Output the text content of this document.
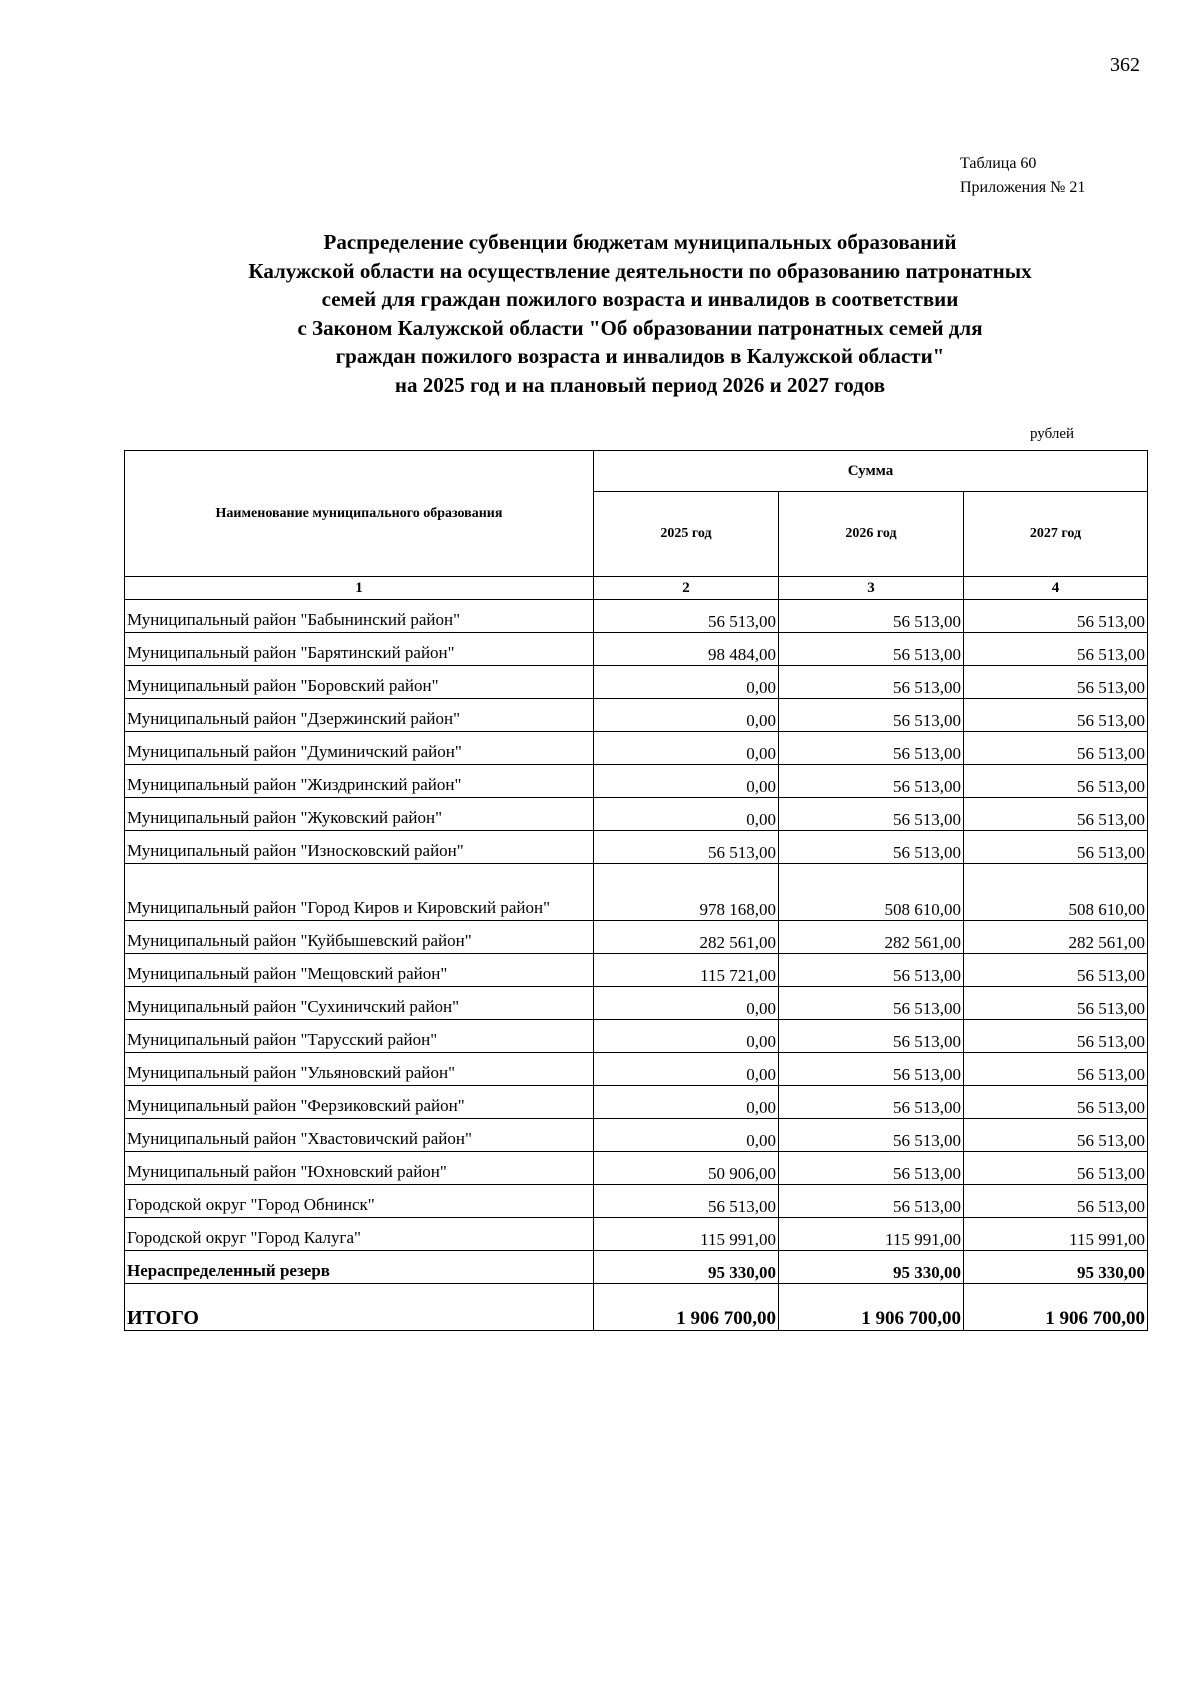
362
Таблица 60
Приложения № 21
Распределение субвенции бюджетам муниципальных образований
Калужской области на осуществление деятельности по образованию патронатных
семей для граждан пожилого возраста и инвалидов в соответствии
с Законом Калужской области "Об образовании патронатных семей для
граждан пожилого возраста и инвалидов в Калужской области"
на 2025 год и на плановый период 2026 и 2027 годов
рублей
Наименование муниципального образования	Сумма		
	2025 год	2026 год	2027 год
1	2	3	4
Муниципальный район "Бабынинский район"	56 513,00	56 513,00	56 513,00
Муниципальный район "Барятинский район"	98 484,00	56 513,00	56 513,00
Муниципальный район "Боровский район"	0,00	56 513,00	56 513,00
Муниципальный район "Дзержинский район"	0,00	56 513,00	56 513,00
Муниципальный район "Думиничский район"	0,00	56 513,00	56 513,00
Муниципальный район "Жиздринский район"	0,00	56 513,00	56 513,00
Муниципальный район "Жуковский район"	0,00	56 513,00	56 513,00
Муниципальный район "Износковский район"	56 513,00	56 513,00	56 513,00
Муниципальный район "Город Киров и Кировский район"	978 168,00	508 610,00	508 610,00
Муниципальный район "Куйбышевский район"	282 561,00	282 561,00	282 561,00
Муниципальный район "Мещовский район"	115 721,00	56 513,00	56 513,00
Муниципальный район "Сухиничский район"	0,00	56 513,00	56 513,00
Муниципальный район "Тарусский район"	0,00	56 513,00	56 513,00
Муниципальный район "Ульяновский район"	0,00	56 513,00	56 513,00
Муниципальный район "Ферзиковский район"	0,00	56 513,00	56 513,00
Муниципальный район "Хвастовичский район"	0,00	56 513,00	56 513,00
Муниципальный район "Юхновский район"	50 906,00	56 513,00	56 513,00
Городской округ "Город Обнинск"	56 513,00	56 513,00	56 513,00
Городской округ "Город Калуга"	115 991,00	115 991,00	115 991,00
Нераспределенный резерв	95 330,00	95 330,00	95 330,00
ИТОГО	1 906 700,00	1 906 700,00	1 906 700,00
